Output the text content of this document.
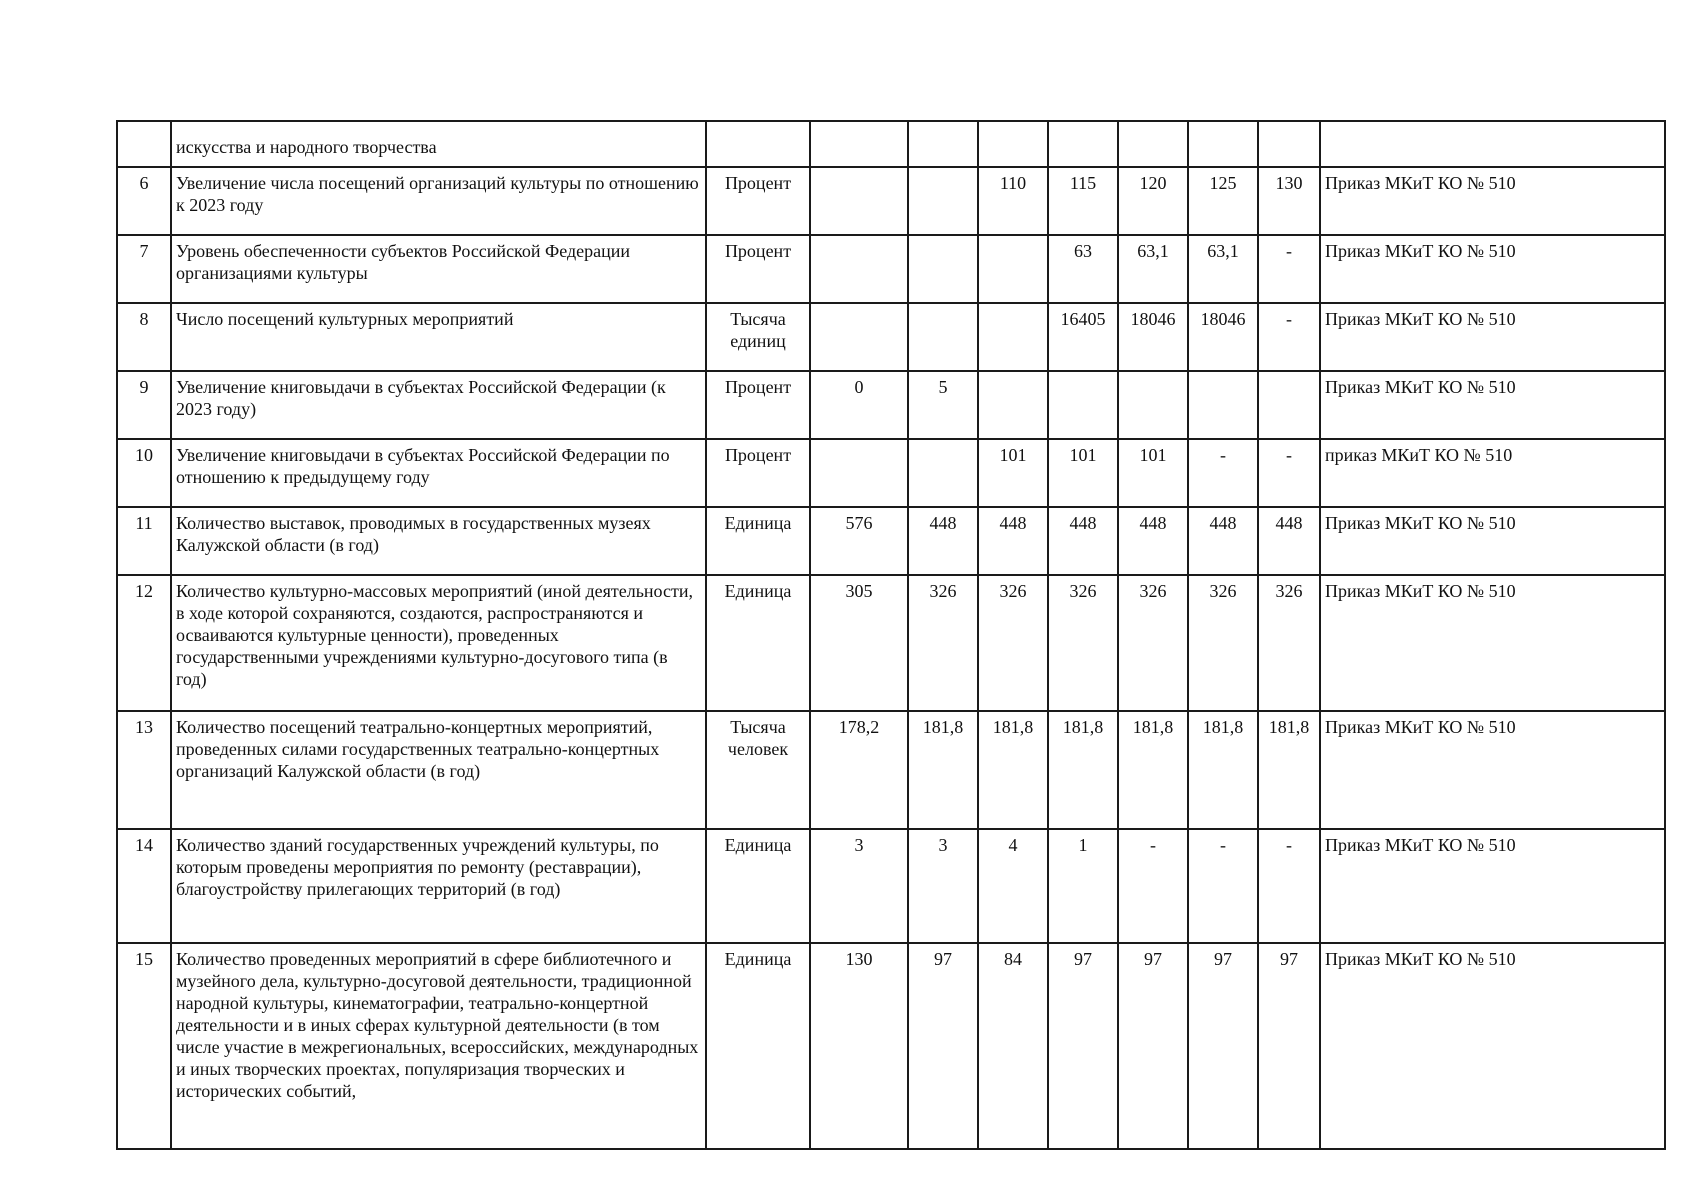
	искусства и народного творчества									
6	Увеличение числа посещений организаций культуры по отношению к 2023 году	Процент			110	115	120	125	130	Приказ МКиТ КО № 510
7	Уровень обеспеченности субъектов Российской Федерации организациями культуры	Процент				63	63,1	63,1	-	Приказ МКиТ КО № 510
8	Число посещений культурных мероприятий	Тысяча единиц				16405	18046	18046	-	Приказ МКиТ КО № 510
9	Увеличение книговыдачи в субъектах Российской Федерации (к 2023 году)	Процент	0	5						Приказ МКиТ КО № 510
10	Увеличение книговыдачи в субъектах Российской Федерации по отношению к предыдущему году	Процент			101	101	101	-	-	приказ МКиТ КО № 510
11	Количество выставок, проводимых в государственных музеях Калужской области (в год)	Единица	576	448	448	448	448	448	448	Приказ МКиТ КО № 510
12	Количество культурно-массовых мероприятий (иной деятельности, в ходе которой сохраняются, создаются, распространяются и осваиваются культурные ценности), проведенных государственными учреждениями культурно-досугового типа (в год)	Единица	305	326	326	326	326	326	326	Приказ МКиТ КО № 510
13	Количество посещений театрально-концертных мероприятий, проведенных силами государственных театрально-концертных организаций Калужской области (в год)	Тысяча человек	178,2	181,8	181,8	181,8	181,8	181,8	181,8	Приказ МКиТ КО № 510
14	Количество зданий государственных учреждений культуры, по которым проведены мероприятия по ремонту (реставрации), благоустройству прилегающих территорий (в год)	Единица	3	3	4	1	-	-	-	Приказ МКиТ КО № 510
15	Количество проведенных мероприятий в сфере библиотечного и музейного дела, культурно-досуговой деятельности, традиционной народной культуры, кинематографии, театрально-концертной деятельности и в иных сферах культурной деятельности (в том числе участие в межрегиональных, всероссийских, международных и иных творческих проектах, популяризация творческих и исторических событий,	Единица	130	97	84	97	97	97	97	Приказ МКиТ КО № 510
